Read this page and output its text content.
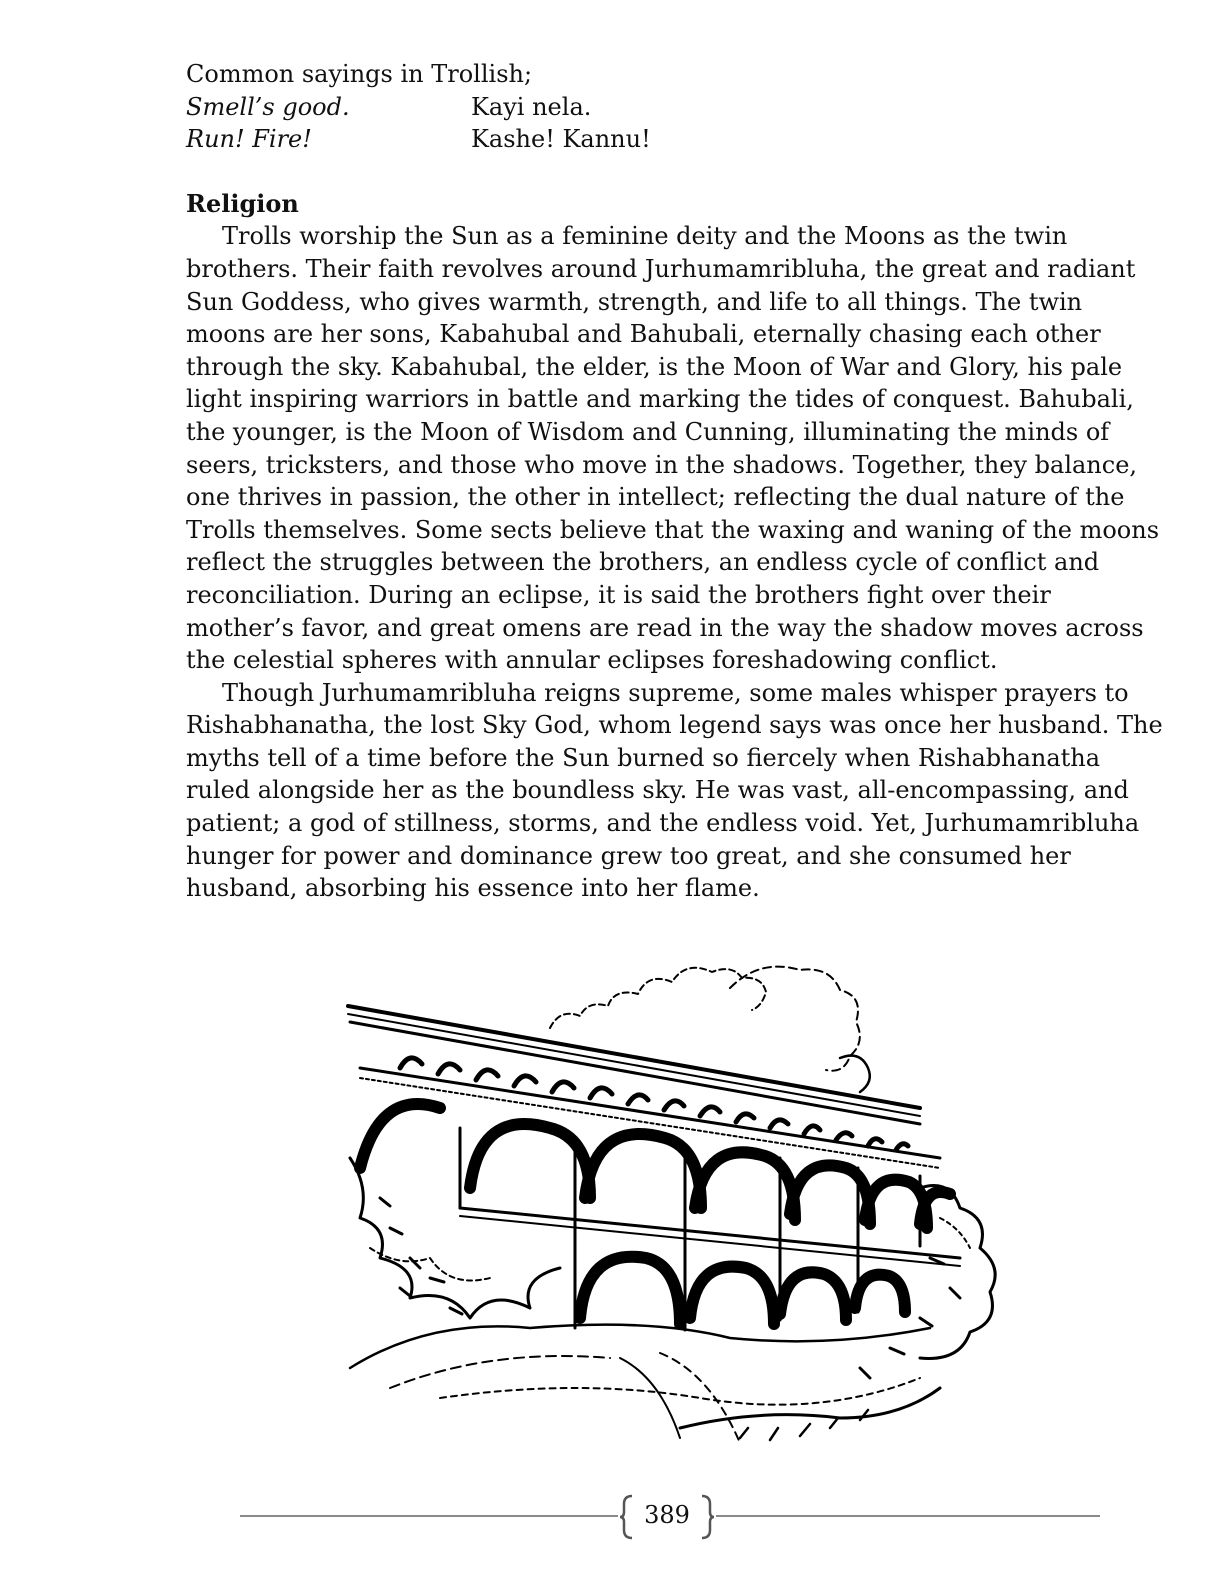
Common sayings in Trollish;

Smell’s good.	Kayi nela.
Run! Fire!	Kashe! Kannu!
Religion

Trolls worship the Sun as a feminine deity and the Moons as the twin brothers. Their faith revolves around Jurhumamribluha, the great and radiant Sun Goddess, who gives warmth, strength, and life to all things. The twin moons are her sons, Kabahubal and Bahubali, eternally chasing each other through the sky. Kabahubal, the elder, is the Moon of War and Glory, his pale light inspiring warriors in battle and marking the tides of conquest. Bahubali, the younger, is the Moon of Wisdom and Cunning, illuminating the minds of seers, tricksters, and those who move in the shadows. Together, they balance, one thrives in passion, the other in intellect; reflecting the dual nature of the Trolls themselves. Some sects believe that the waxing and waning of the moons reflect the struggles between the brothers, an endless cycle of conflict and reconciliation. During an eclipse, it is said the brothers fight over their mother’s favor, and great omens are read in the way the shadow moves across the celestial spheres with annular eclipses foreshadowing conflict.

Though Jurhumamribluha reigns supreme, some males whisper prayers to Rishabhanatha, the lost Sky God, whom legend says was once her husband. The myths tell of a time before the Sun burned so fiercely when Rishabhanatha ruled alongside her as the boundless sky. He was vast, all-encompassing, and patient; a god of stillness, storms, and the endless void. Yet, Jurhumamribluha hunger for power and dominance grew too great, and she consumed her husband, absorbing his essence into her flame.

389
